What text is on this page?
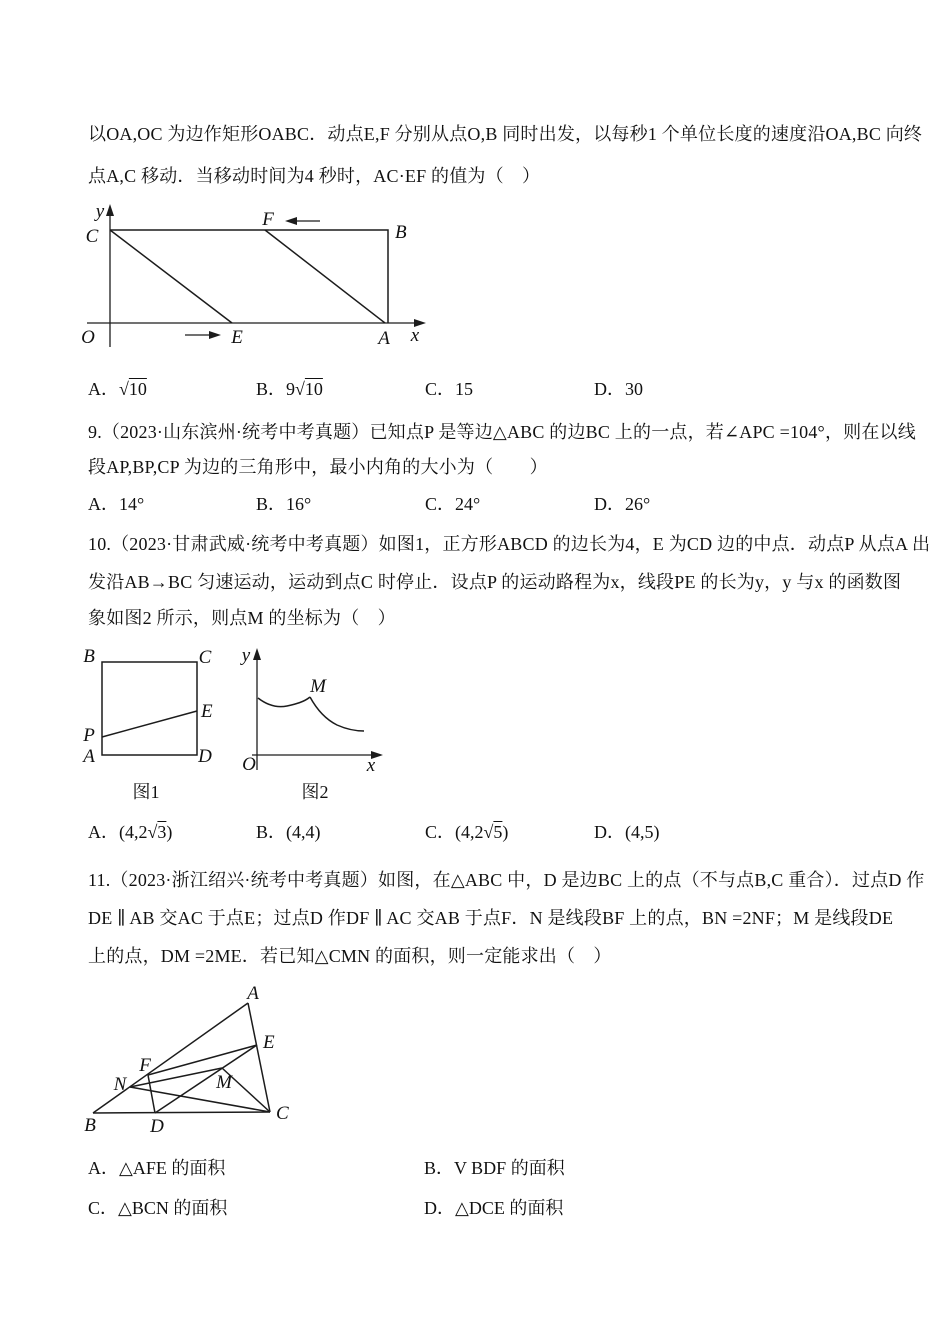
以OA,OC 为边作矩形OABC．动点E,F 分别从点O,B 同时出发，以每秒1 个单位长度的速度沿OA,BC 向终
点A,C 移动．当移动时间为4 秒时，AC·EF 的值为（　）
y
C
F
B
O	E	A x
A．√10	B．9√10	C．15	D．30
9.（2023·山东滨州·统考中考真题）已知点P 是等边△ABC 的边BC 上的一点，若∠APC =104°，则在以线
段AP,BP,CP 为边的三角形中，最小内角的大小为（　　）
A．14°	B．16°	C．24°	D．26°
10.（2023·甘肃武威·统考中考真题）如图1，正方形ABCD 的边长为4，E 为CD 边的中点．动点P 从点A 出
发沿AB→BC 匀速运动，运动到点C 时停止．设点P 的运动路程为x，线段PE 的长为y，y 与x 的函数图
象如图2 所示，则点M 的坐标为（　）
B	C
E
P
A	D
图1
M
y
O	x
图2
A．(4,2√3)	B．(4,4)	C．(4,2√5)	D．(4,5)
11.（2023·浙江绍兴·统考中考真题）如图，在△ABC 中，D 是边BC 上的点（不与点B,C 重合）．过点D 作
DE ∥ AB 交AC 于点E；过点D 作DF ∥ AC 交AB 于点F．N 是线段BF 上的点，BN =2NF；M 是线段DE
上的点，DM =2ME．若已知△CMN 的面积，则一定能求出（　）
A
B
C
D
E
F
N	M
A．△AFE 的面积	B．V BDF 的面积
C．△BCN 的面积	D．△DCE 的面积
